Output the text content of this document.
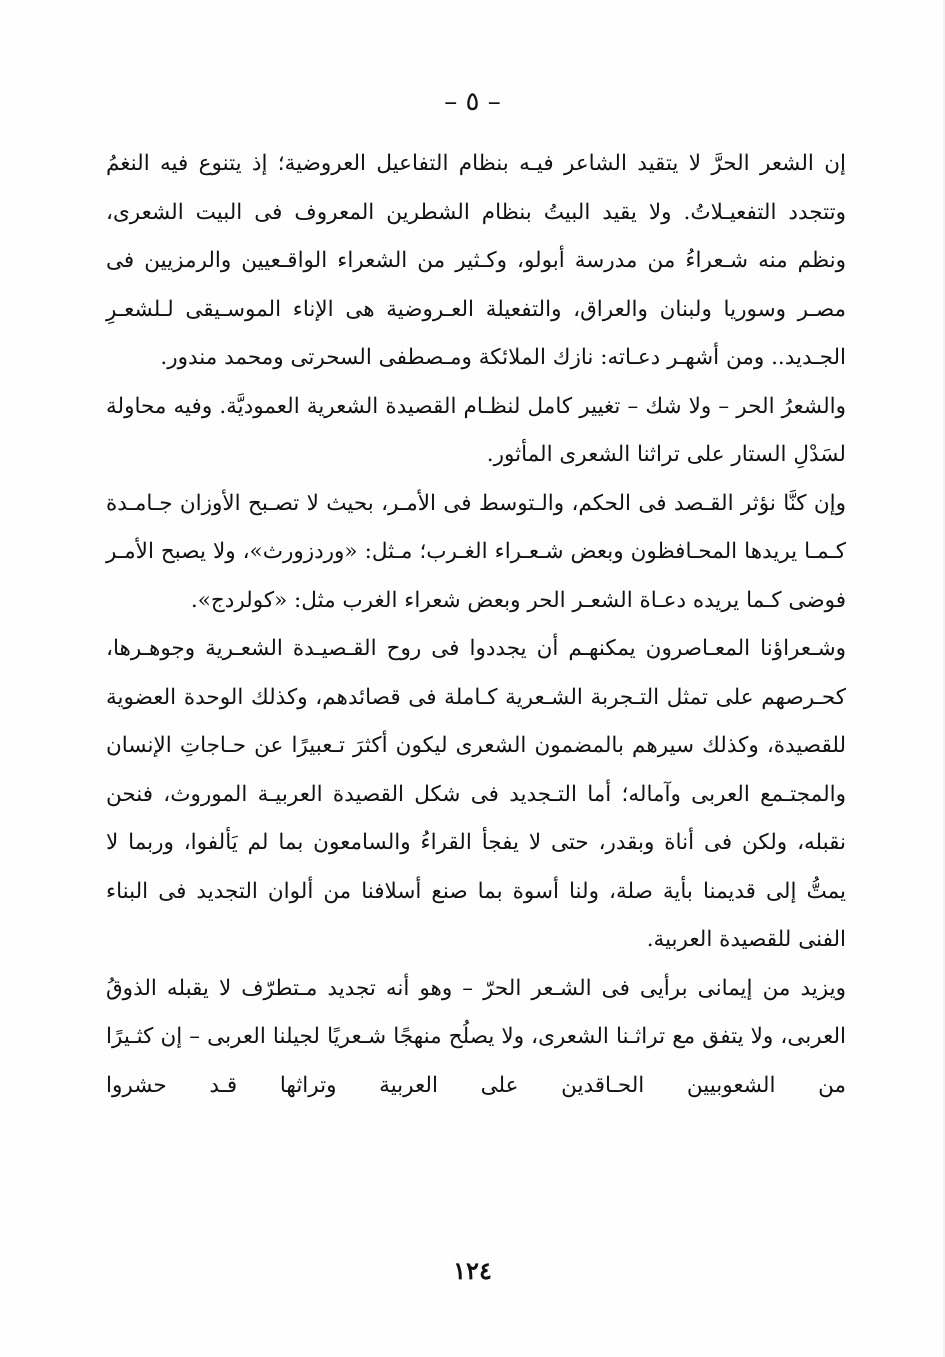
– ٥ –

إن الشعر الحرَّ لا يتقيد الشاعر فيـه بنظام التفاعيل العروضية؛ إذ يتنوع فيه النغمُ وتتجدد التفعيـلاتُ. ولا يقيد البيتُ بنظام الشطرين المعروف فى البيت الشعرى، ونظم منه شـعراءُ من مدرسة أبولو، وكـثير من الشعراء الواقـعيين والرمزيين فى مصـر وسوريا ولبنان والعراق، والتفعيلة العـروضية هى الإناء الموسـيقى لـلشعـرِ الجـديد.. ومن أشهـر دعـاته: نازك الملائكة ومـصطفى السحرتى ومحمد مندور.

والشعرُ الحر – ولا شك – تغيير كامل لنظـام القصيدة الشعرية العموديَّة. وفيه محاولة لسَدْلِ الستار على تراثنا الشعرى المأثور.

وإن كنَّا نؤثر القـصد فى الحكم، والـتوسط فى الأمـر، بحيث لا تصـبح الأوزان جـامـدة كـمـا يريدها المحـافظون وبعض شـعـراء الغـرب؛ مـثل: «وردزورث»، ولا يصبح الأمـر فوضى كـما يريده دعـاة الشعـر الحر وبعض شعراء الغرب مثل: «كولردج».

وشـعراؤنا المعـاصرون يمكنهـم أن يجددوا فى روح القـصيـدة الشعـرية وجوهـرها، كحـرصهم على تمثل التـجربة الشـعرية كـاملة فى قصائدهم، وكذلك الوحدة العضوية للقصيدة، وكذلك سيرهم بالمضمون الشعرى ليكون أكثرَ تـعبيرًا عن حـاجاتِ الإنسان والمجتـمع العربى وآماله؛ أما التـجديد فى شكل القصيدة العربيـة الموروث، فنحن نقبله، ولكن فى أناة وبقدر، حتى لا يفجأ القراءُ والسامعون بما لم يَألفوا، وربما لا يمتُّ إلى قديمنا بأية صلة، ولنا أسوة بما صنع أسلافنا من ألوان التجديد فى البناء الفنى للقصيدة العربية.

ويزيد من إيمانى برأيى فى الشـعر الحرّ – وهو أنه تجديد مـتطرّف لا يقبله الذوقُ العربى، ولا يتفق مع تراثـنا الشعرى، ولا يصلُح منهجًا شـعريًا لجيلنا العربى – إن كثـيرًا من الشعوبيين الحـاقدين على العربية وتراثها قـد حشروا

١٢٤
